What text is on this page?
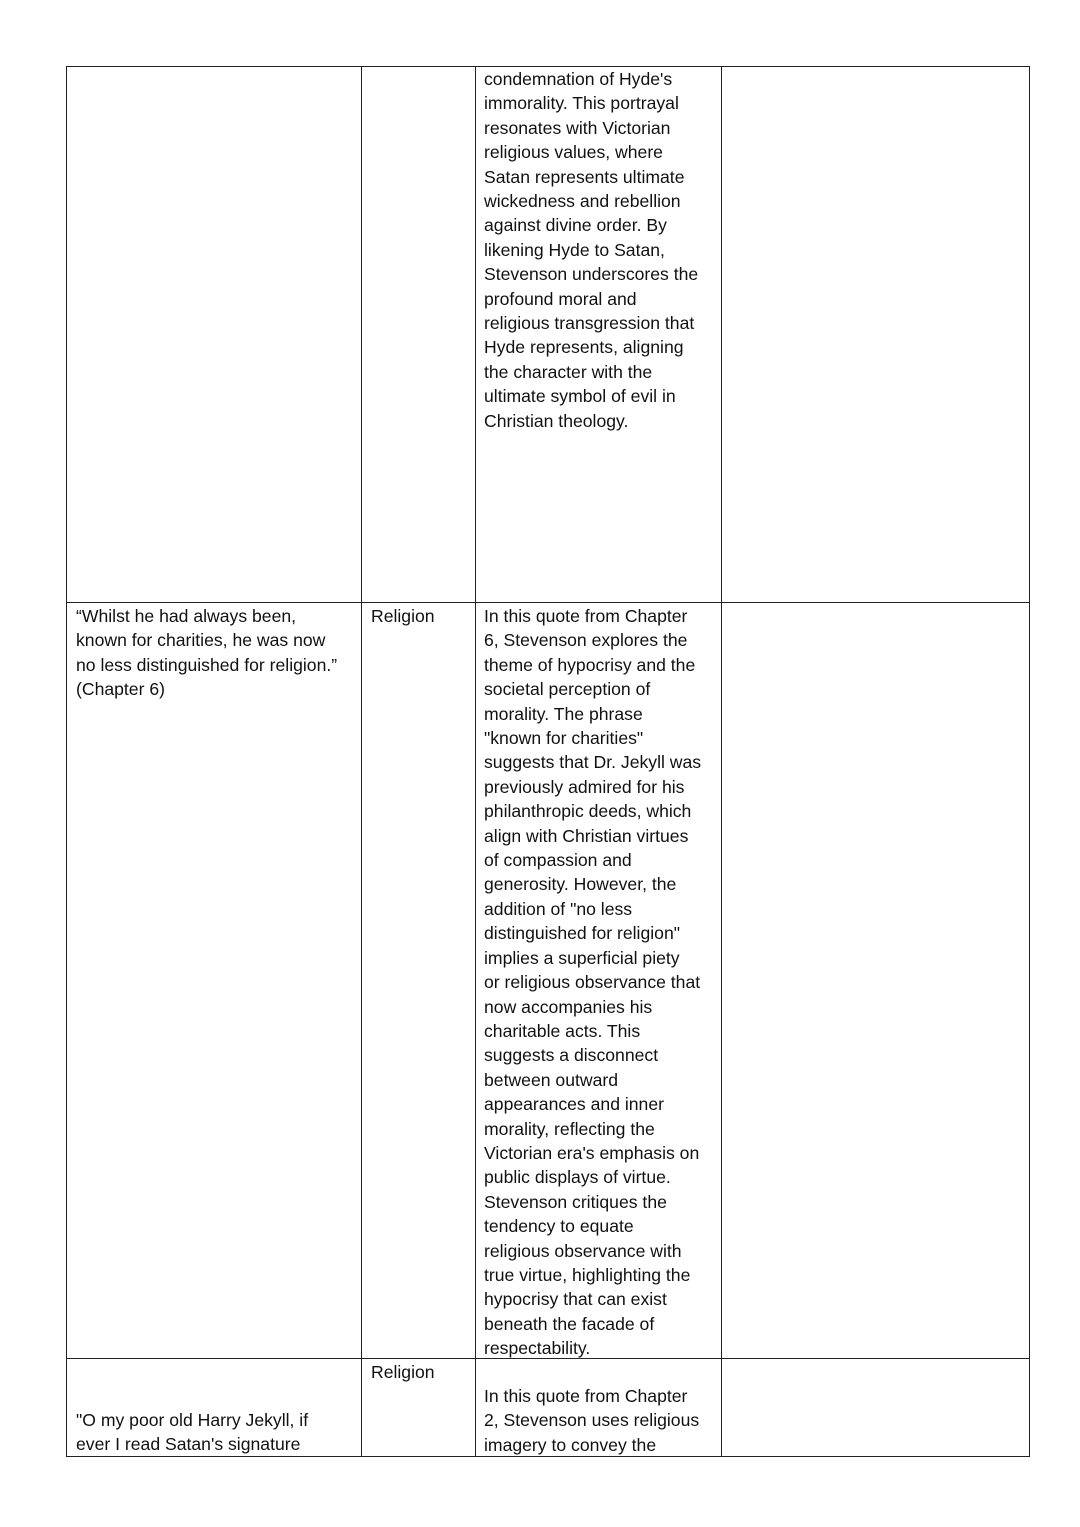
condemnation of Hyde's
immorality. This portrayal
resonates with Victorian
religious values, where
Satan represents ultimate
wickedness and rebellion
against divine order. By
likening Hyde to Satan,
Stevenson underscores the
profound moral and
religious transgression that
Hyde represents, aligning
the character with the
ultimate symbol of evil in
Christian theology.
“Whilst he had always been,
known for charities, he was now
no less distinguished for religion.”
(Chapter 6)
Religion	In this quote from Chapter
6, Stevenson explores the
theme of hypocrisy and the
societal perception of
morality. The phrase
"known for charities"
suggests that Dr. Jekyll was
previously admired for his
philanthropic deeds, which
align with Christian virtues
of compassion and
generosity. However, the
addition of "no less
distinguished for religion"
implies a superficial piety
or religious observance that
now accompanies his
charitable acts. This
suggests a disconnect
between outward
appearances and inner
morality, reflecting the
Victorian era's emphasis on
public displays of virtue.
Stevenson critiques the
tendency to equate
religious observance with
true virtue, highlighting the
hypocrisy that can exist
beneath the facade of
respectability.
"O my poor old Harry Jekyll, if
ever I read Satan's signature
Religion
In this quote from Chapter
2, Stevenson uses religious
imagery to convey the
